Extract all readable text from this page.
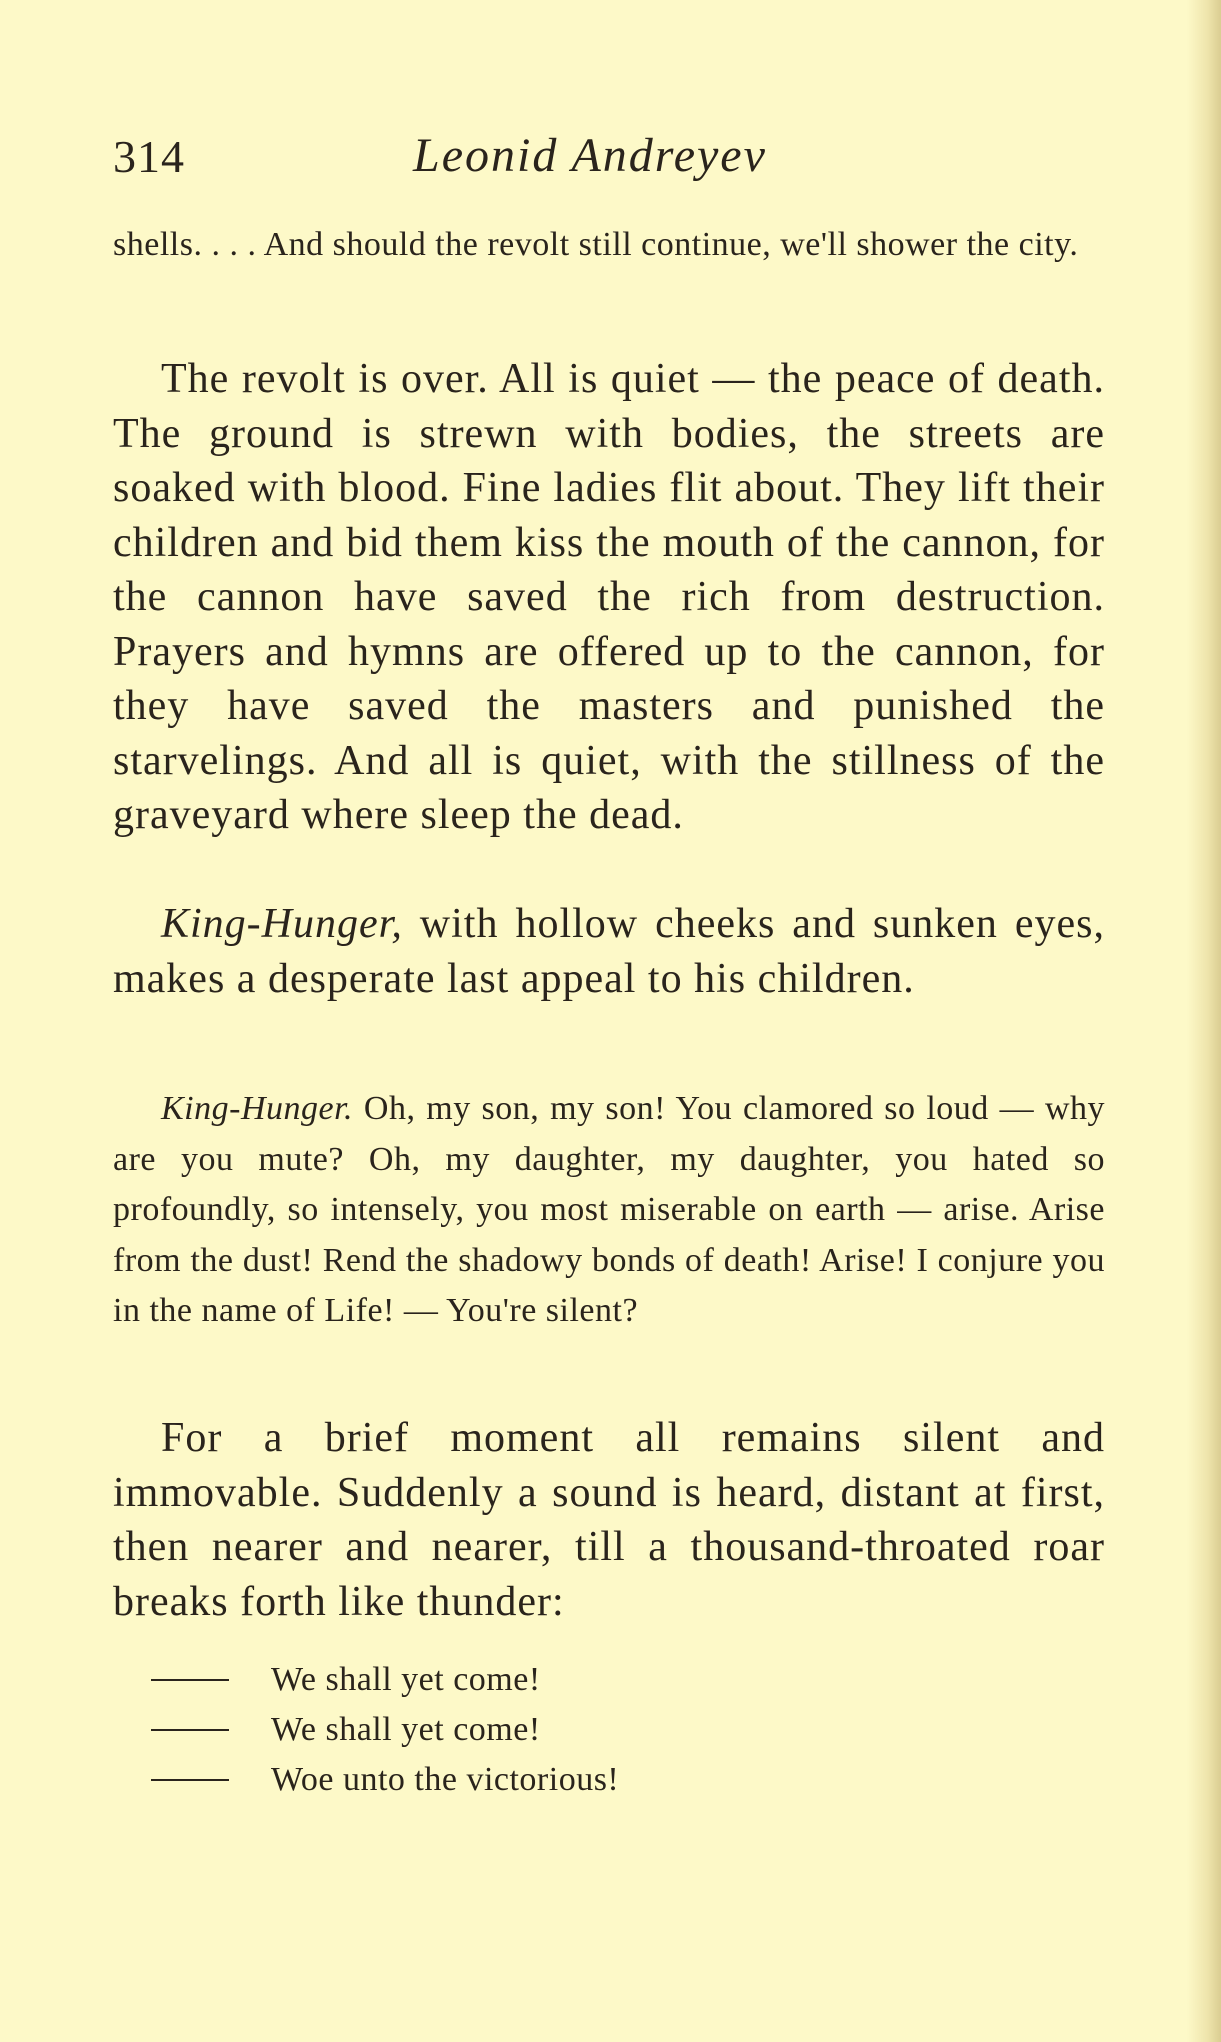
314	Leonid Andreyev

shells. . . . And should the revolt still continue, we'll shower the city.

The revolt is over. All is quiet — the peace of death. The ground is strewn with bodies, the streets are soaked with blood. Fine ladies flit about. They lift their children and bid them kiss the mouth of the cannon, for the cannon have saved the rich from destruction. Prayers and hymns are offered up to the cannon, for they have saved the masters and punished the starvelings. And all is quiet, with the stillness of the graveyard where sleep the dead.

King-Hunger, with hollow cheeks and sunken eyes, makes a desperate last appeal to his children.

King-Hunger. Oh, my son, my son! You clamored so loud — why are you mute? Oh, my daughter, my daughter, you hated so profoundly, so intensely, you most miserable on earth — arise. Arise from the dust! Rend the shadowy bonds of death! Arise! I conjure you in the name of Life! — You're silent?

For a brief moment all remains silent and immovable. Suddenly a sound is heard, distant at first, then nearer and nearer, till a thousand-throated roar breaks forth like thunder:

We shall yet come!
We shall yet come!
Woe unto the victorious!
